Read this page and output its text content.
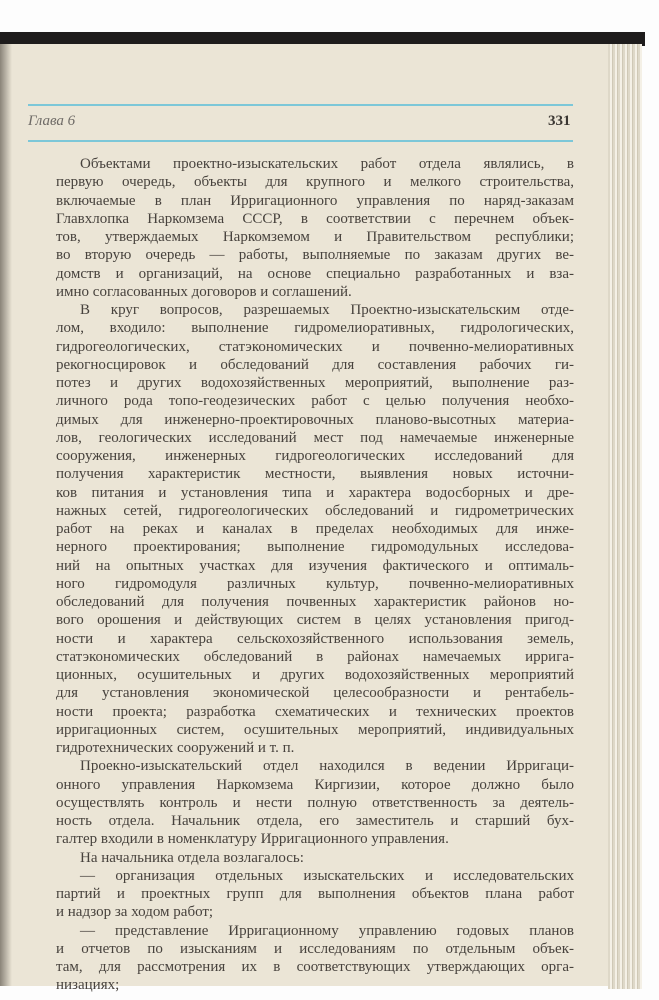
Глава 6	331
Объектами проектно-изыскательских работ отдела являлись, в
первую очередь, объекты для крупного и мелкого строительства,
включаемые в план Ирригационного управления по наряд-заказам
Главхлопка Наркомзема СССР, в соответствии с перечнем объек-
тов, утверждаемых Наркомземом и Правительством республики;
во вторую очередь — работы, выполняемые по заказам других ве-
домств и организаций, на основе специально разработанных и вза-
имно согласованных договоров и соглашений.
В круг вопросов, разрешаемых Проектно-изыскательским отде-
лом, входило: выполнение гидромелиоративных, гидрологических,
гидрогеологических, статэкономических и почвенно-мелиоративных
рекогносцировок и обследований для составления рабочих ги-
потез и других водохозяйственных мероприятий, выполнение раз-
личного рода топо-геодезических работ с целью получения необхо-
димых для инженерно-проектировочных планово-высотных материа-
лов, геологических исследований мест под намечаемые инженерные
сооружения, инженерных гидрогеологических исследований для
получения характеристик местности, выявления новых источни-
ков питания и установления типа и характера водосборных и дре-
нажных сетей, гидрогеологических обследований и гидрометрических
работ на реках и каналах в пределах необходимых для инже-
нерного проектирования; выполнение гидромодульных исследова-
ний на опытных участках для изучения фактического и оптималь-
ного гидромодуля различных культур, почвенно-мелиоративных
обследований для получения почвенных характеристик районов но-
вого орошения и действующих систем в целях установления пригод-
ности и характера сельскохозяйственного использования земель,
статэкономических обследований в районах намечаемых ирригa-
ционных, осушительных и других водохозяйственных мероприятий
для установления экономической целесообразности и рентабель-
ности проекта; разработка схематических и технических проектов
ирригационных систем, осушительных мероприятий, индивидуальных
гидротехнических сооружений и т. п.
Проекно-изыскательский отдел находился в ведении Ирригаци-
онного управления Наркомзема Киргизии, которое должно было
осуществлять контроль и нести полную ответственность за деятель-
ность отдела. Начальник отдела, его заместитель и старший бух-
галтер входили в номенклатуру Ирригационного управления.
На начальника отдела возлагалось:
— организация отдельных изыскательских и исследовательских
партий и проектных групп для выполнения объектов плана работ
и надзор за ходом работ;
— представление Ирригационному управлению годовых планов
и отчетов по изысканиям и исследованиям по отдельным объек-
там, для рассмотрения их в соответствующих утверждающих орга-
низациях;
